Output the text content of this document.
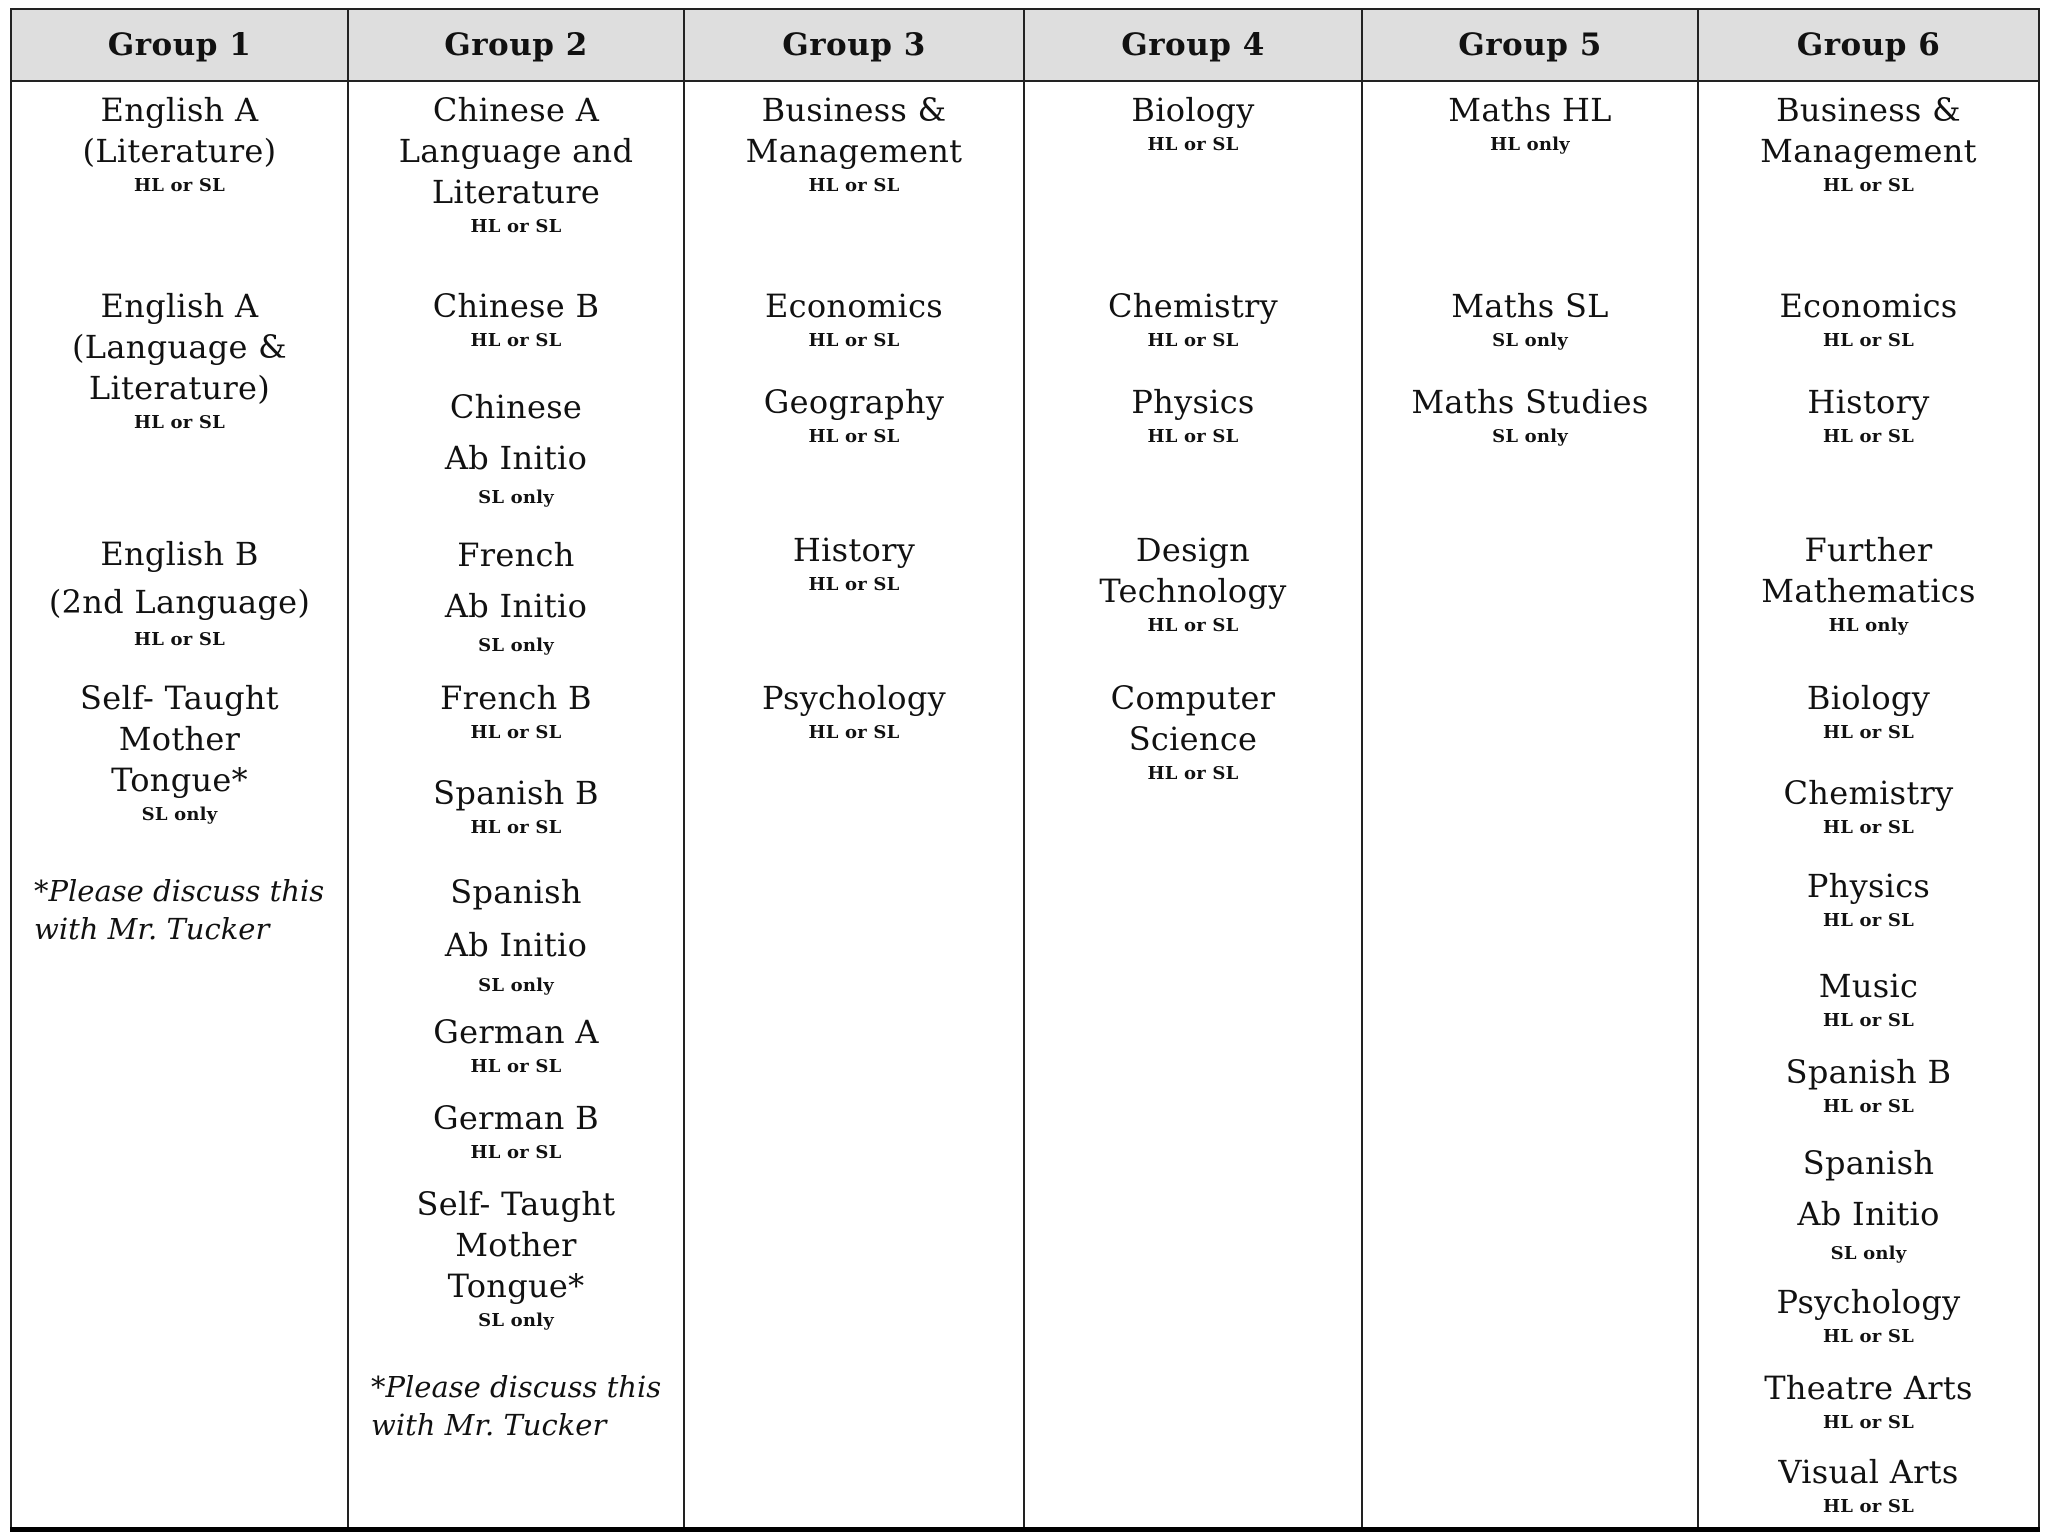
Group 1
English A
(Literature)
HL or SL
English A
(Language &
Literature)
HL or SL
English B
(2nd Language)
HL or SL
Self- Taught
Mother
Tongue*
SL only
*Please discuss this
with Mr. Tucker
Group 2
Chinese A
Language and
Literature
HL or SL
Chinese B
HL or SL
Chinese
Ab Initio
SL only
French
Ab Initio
SL only
French B
HL or SL
Spanish B
HL or SL
Spanish
Ab Initio
SL only
German A
HL or SL
German B
HL or SL
Self- Taught
Mother
Tongue*
SL only
*Please discuss this
with Mr. Tucker
Group 3
Business &
Management
HL or SL
Economics
HL or SL
Geography
HL or SL
History
HL or SL
Psychology
HL or SL
Group 4
Biology
HL or SL
Chemistry
HL or SL
Physics
HL or SL
Design
Technology
HL or SL
Computer
Science
HL or SL
Group 5
Maths HL
HL only
Maths SL
SL only
Maths Studies
SL only
Group 6
Business &
Management
HL or SL
Economics
HL or SL
History
HL or SL
Further
Mathematics
HL only
Biology
HL or SL
Chemistry
HL or SL
Physics
HL or SL
Music
HL or SL
Spanish B
HL or SL
Spanish
Ab Initio
SL only
Psychology
HL or SL
Theatre Arts
HL or SL
Visual Arts
HL or SL
